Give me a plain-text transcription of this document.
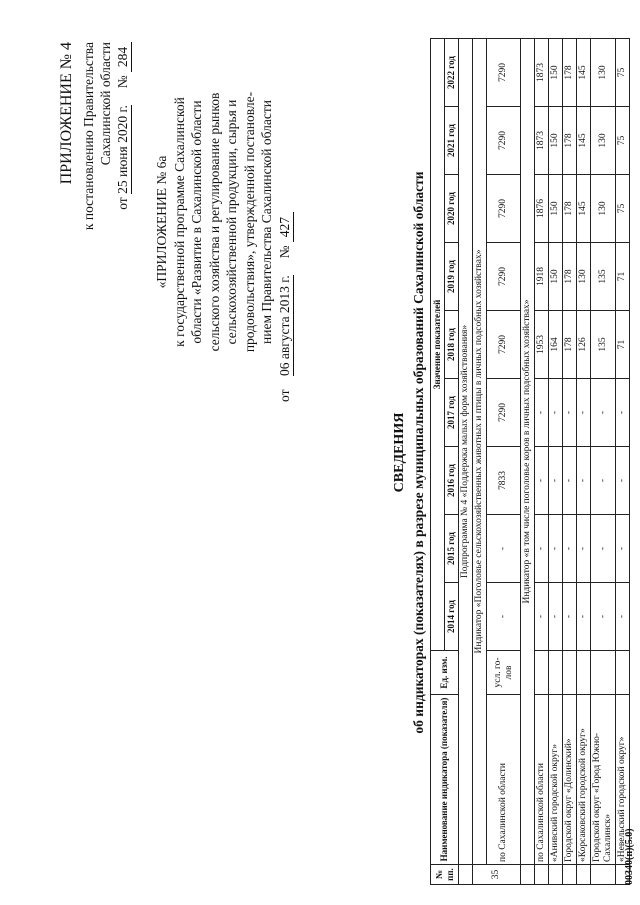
ПРИЛОЖЕНИЕ № 4 к постановлению Правительства Сахалинской области
от 25 июня 2020 г.     № 284
«ПРИЛОЖЕНИЕ № 6а к государственной программе Сахалинской области «Развитие в Сахалинской области сельского хозяйства и регулирование рынков сельскохозяйственной продукции, сырья и продовольствия», утвержденной постановле- нием Правительства Сахалинской области
от    06 августа 2013 г.     № 427
СВЕДЕНИЯ об индикаторах (показателях) в разрезе муниципальных образований Сахалинской области
№ пп.	Наименование индикатора (показателя)	Ед. изм.	Значение показателей								
			2014 год	2015 год	2016 год	2017 год	2018 год	2019 год	2020 год	2021 год	2022 год
	Подпрограмма № 4 «Поддержка малых форм хозяйствования»										
35	Индикатор «Поголовье сельскохозяйственных животных и птицы в личных подсобных хозяйствах»										
	по Сахалинской области	усл. го-лов	-	-	7833	7290	7290	7290	7290	7290	7290
	Индикатор «в том числе поголовье коров в личных подсобных хозяйствах»										
	по Сахалинской области		-	-	-	-	1953	1918	1876	1873	1873
	«Анивский городской округ»		-	-	-	-	164	150	150	150	150
	Городской округ «Долинский»		-	-	-	-	178	178	178	178	178
	«Корсаковский городской округ»		-	-	-	-	126	130	145	145	145
	Городской округ «Город Южно-Сахалинск»		-	-	-	-	135	135	130	130	130
	«Невельский городской округ»		-	-	-	-	71	71	75	75	75
00340(п)(5.0)
